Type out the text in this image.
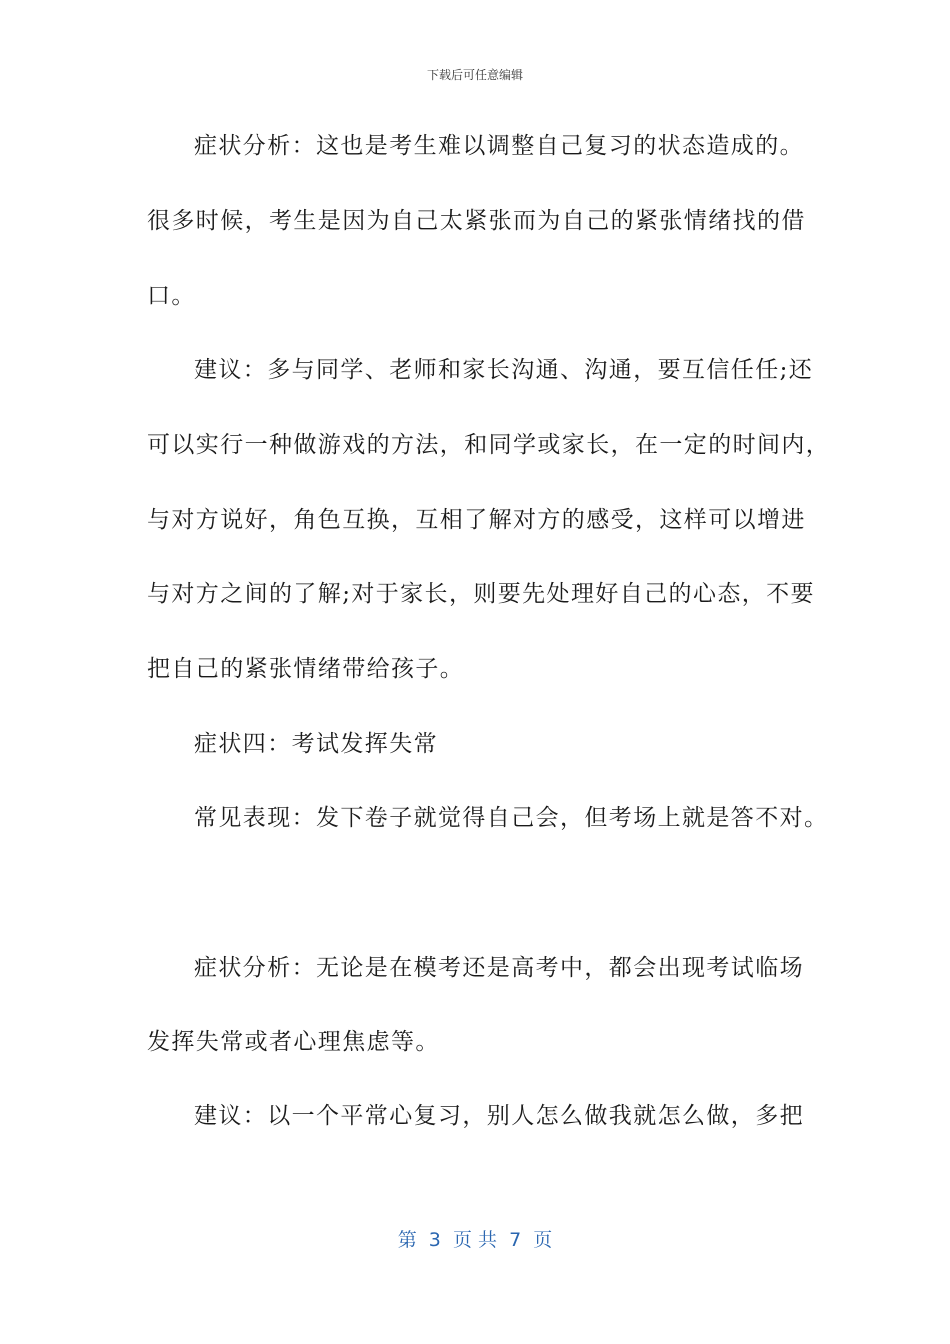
下载后可任意编辑
症状分析：这也是考生难以调整自己复习的状态造成的。
很多时候，考生是因为自己太紧张而为自己的紧张情绪找的借
口。
建议：多与同学、老师和家长沟通、沟通，要互信任任;还
可以实行一种做游戏的方法，和同学或家长，在一定的时间内，
与对方说好，角色互换，互相了解对方的感受，这样可以增进
与对方之间的了解;对于家长，则要先处理好自己的心态，不要
把自己的紧张情绪带给孩子。
症状四：考试发挥失常
常见表现：发下卷子就觉得自己会，但考场上就是答不对。
症状分析：无论是在模考还是高考中，都会出现考试临场
发挥失常或者心理焦虑等。
建议：以一个平常心复习，别人怎么做我就怎么做，多把
第  3  页 共  7  页
